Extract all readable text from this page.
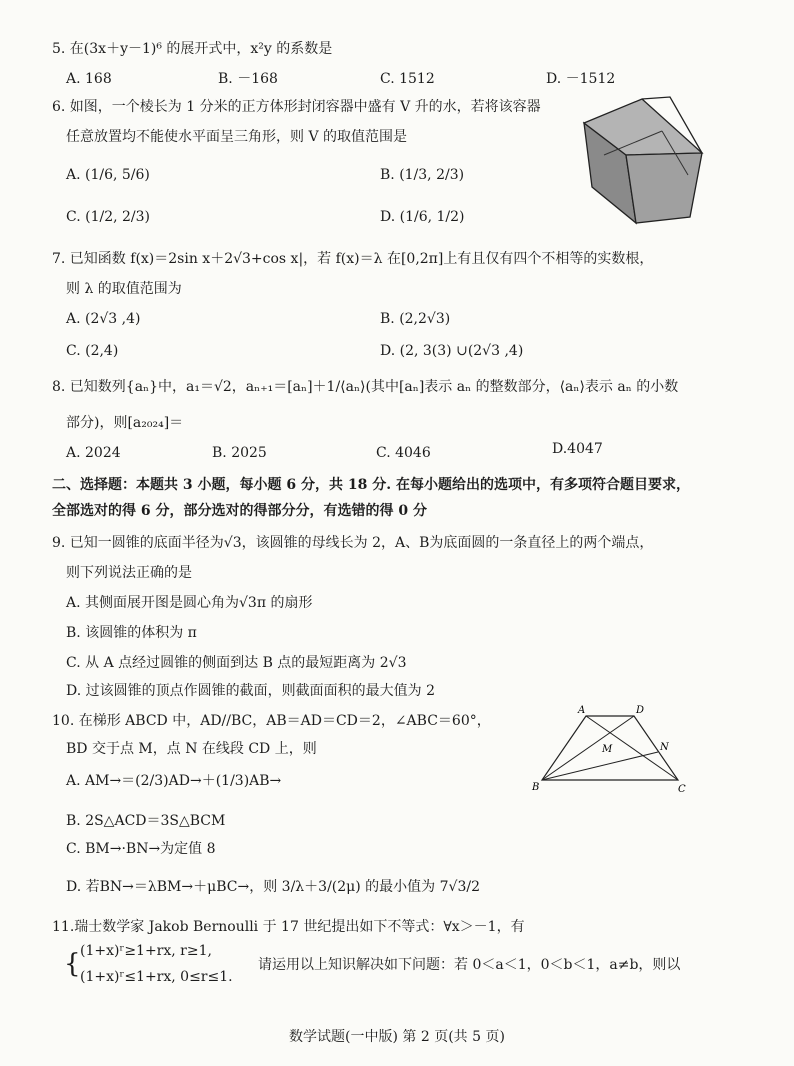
5. 在(3x＋y－1)⁶ 的展开式中，x²y 的系数是
A. 168	B. －168	C. 1512	D. －1512
6. 如图，一个棱长为 1 分米的正方体形封闭容器中盛有 V 升的水，若将该容器
任意放置均不能使水平面呈三角形，则 V 的取值范围是
A. (1/6, 5/6)	B. (1/3, 2/3)
C. (1/2, 2/3)	D. (1/6, 1/2)
7. 已知函数 f(x)＝2sin x＋2√3+cos x|，若 f(x)＝λ 在[0,2π]上有且仅有四个不相等的实数根，
则 λ 的取值范围为
A. (2√3 ,4)	B. (2,2√3)
C. (2,4)	D. (2, 3(3) ∪(2√3 ,4)
8. 已知数列{aₙ}中，a₁＝√2，aₙ₊₁＝[aₙ]＋1/⟨aₙ⟩(其中[aₙ]表示 aₙ 的整数部分，⟨aₙ⟩表示 aₙ 的小数
部分)，则[a₂₀₂₄]＝
A. 2024	B. 2025	C. 4046	D.4047
二、选择题：本题共 3 小题，每小题 6 分，共 18 分. 在每小题给出的选项中，有多项符合题目要求，
全部选对的得 6 分，部分选对的得部分分，有选错的得 0 分
9. 已知一圆锥的底面半径为√3，该圆锥的母线长为 2，A、B为底面圆的一条直径上的两个端点，
则下列说法正确的是
A. 其侧面展开图是圆心角为√3π 的扇形
B. 该圆锥的体积为 π
C. 从 A 点经过圆锥的侧面到达 B 点的最短距离为 2√3
D. 过该圆锥的顶点作圆锥的截面，则截面面积的最大值为 2
10. 在梯形 ABCD 中，AD//BC，AB＝AD＝CD＝2，∠ABC＝60°，
BD 交于点 M，点 N 在线段 CD 上，则
A. AM→＝(2/3)AD→＋(1/3)AB→
B. 2S△ACD＝3S△BCM
C. BM→·BN→为定值 8
D. 若BN→＝λBM→＋μBC→，则 3/λ＋3/(2μ) 的最小值为 7√3/2
A	D
M	N
B	C
11.瑞士数学家 Jakob Bernoulli 于 17 世纪提出如下不等式：∀x＞－1，有
{ (1+x)ʳ≥1+rx, r≥1,
(1+x)ʳ≤1+rx, 0≤r≤1.
请运用以上知识解决如下问题：若 0＜a＜1，0＜b＜1，a≠b，则以
数学试题(一中版) 第 2 页(共 5 页)
